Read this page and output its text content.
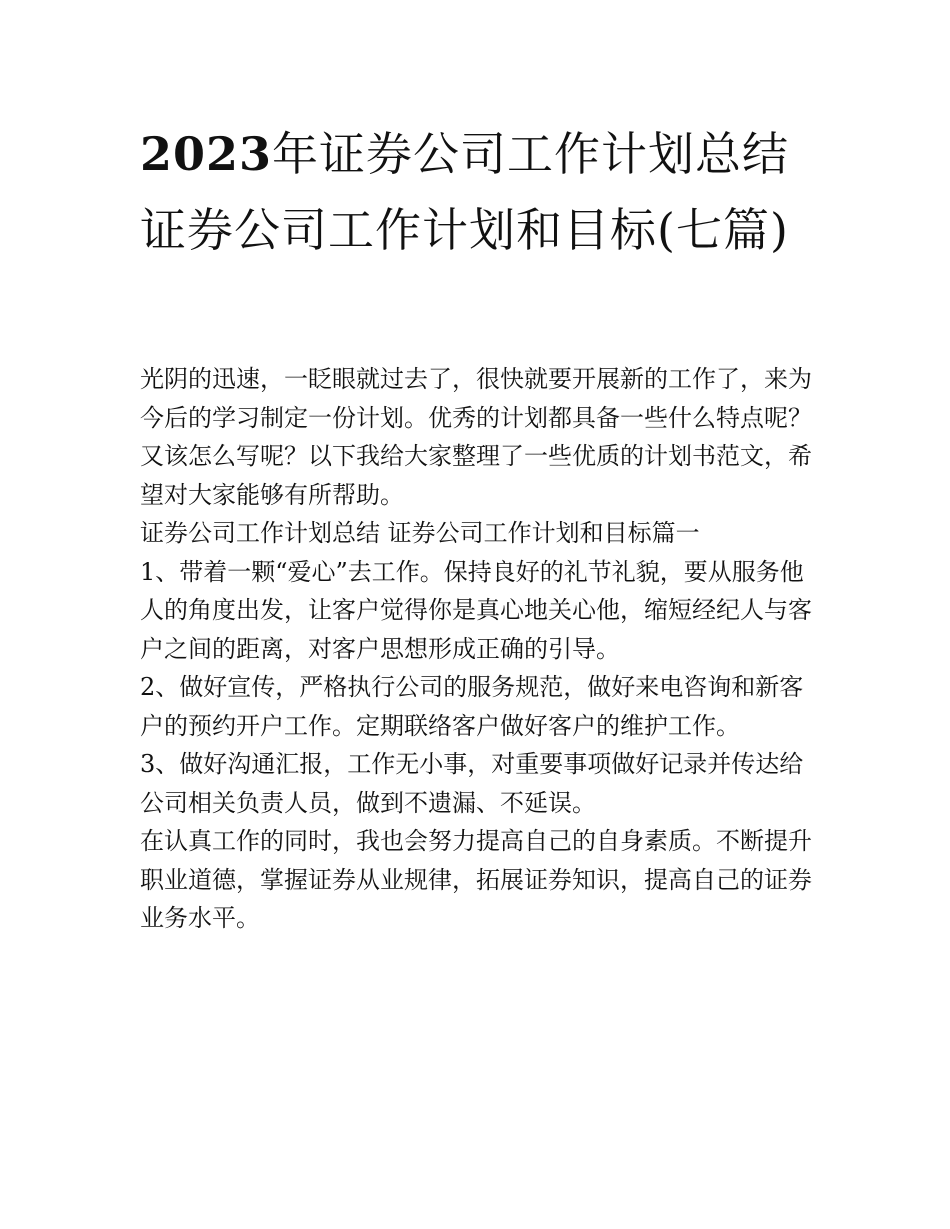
2023年证券公司工作计划总结 证券公司工作计划和目标(七篇)

光阴的迅速，一眨眼就过去了，很快就要开展新的工作了，来为今后的学习制定一份计划。优秀的计划都具备一些什么特点呢？又该怎么写呢？以下我给大家整理了一些优质的计划书范文，希望对大家能够有所帮助。

证券公司工作计划总结 证券公司工作计划和目标篇一

1、带着一颗“爱心”去工作。保持良好的礼节礼貌，要从服务他人的角度出发，让客户觉得你是真心地关心他，缩短经纪人与客户之间的距离，对客户思想形成正确的引导。

2、做好宣传，严格执行公司的服务规范，做好来电咨询和新客户的预约开户工作。定期联络客户做好客户的维护工作。

3、做好沟通汇报，工作无小事，对重要事项做好记录并传达给公司相关负责人员，做到不遗漏、不延误。

在认真工作的同时，我也会努力提高自己的自身素质。不断提升职业道德，掌握证券从业规律，拓展证券知识，提高自己的证券业务水平。
